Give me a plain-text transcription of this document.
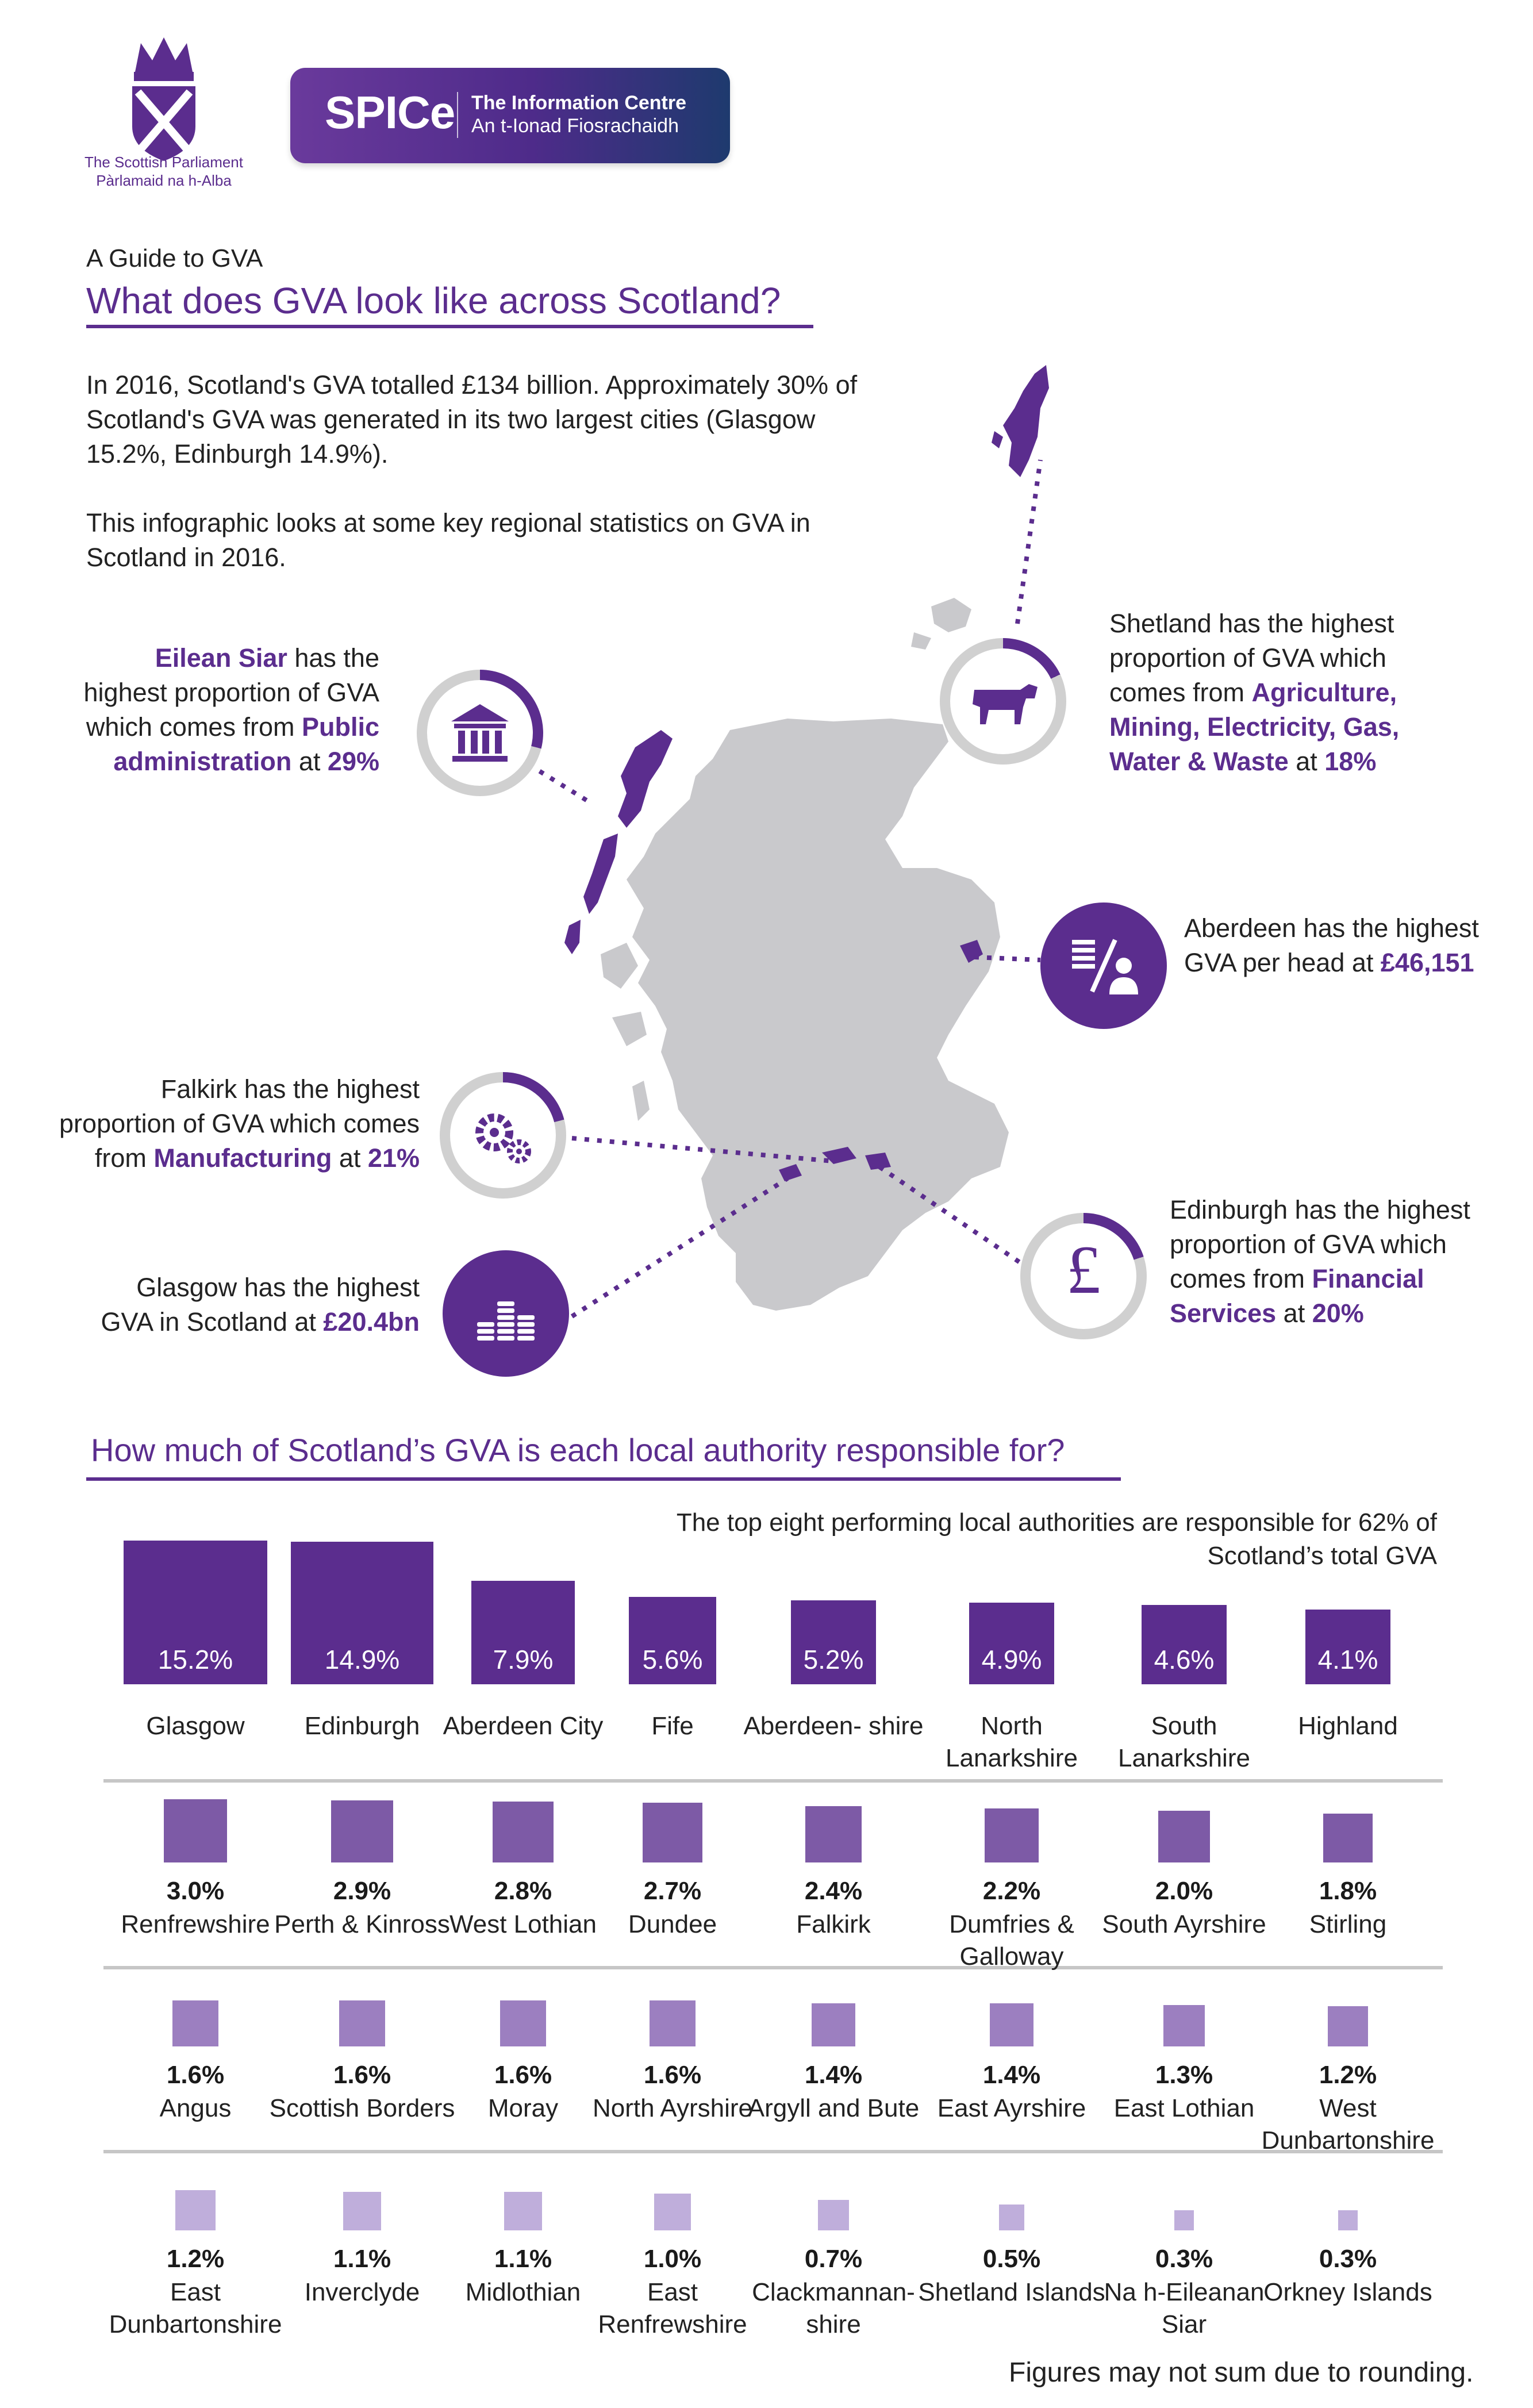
The Scottish Parliament
Pàrlamaid na h-Alba
SPICe The Information Centre
An t-Ionad Fiosrachaidh
A Guide to GVA
What does GVA look like across Scotland?
In 2016, Scotland's GVA totalled £134 billion. Approximately 30% of Scotland's GVA was generated in its two largest cities (Glasgow 15.2%, Edinburgh 14.9%).
This infographic looks at some key regional statistics on GVA in Scotland in 2016.
Eilean Siar has the highest proportion of GVA which comes from Public administration at 29%
Shetland has the highest proportion of GVA which comes from Agriculture, Mining, Electricity, Gas, Water & Waste at 18%
Aberdeen has the highest GVA per head at £46,151
Falkirk has the highest proportion of GVA which comes from Manufacturing at 21%
£
Edinburgh has the highest proportion of GVA which comes from Financial Services at 20%
Glasgow has the highest GVA in Scotland at £20.4bn
How much of Scotland’s GVA is each local authority responsible for?
The top eight performing local authorities are responsible for 62% of Scotland’s total GVA
Figures may not sum due to rounding.
15.2%
Glasgow
14.9%
Edinburgh
7.9%
Aberdeen City
5.6%
Fife
5.2%
Aberdeen- shire
4.9%
North Lanarkshire
4.6%
South Lanarkshire
4.1%
Highland
3.0%
Renfrewshire
2.9%
Perth & Kinross
2.8%
West Lothian
2.7%
Dundee
2.4%
Falkirk
2.2%
Dumfries & Galloway
2.0%
South Ayrshire
1.8%
Stirling
1.6%
Angus
1.6%
Scottish Borders
1.6%
Moray
1.6%
North Ayrshire
1.4%
Argyll and Bute
1.4%
East Ayrshire
1.3%
East Lothian
1.2%
West Dunbartonshire
1.2%
East Dunbartonshire
1.1%
Inverclyde
1.1%
Midlothian
1.0%
East Renfrewshire
0.7%
Clackmannan-shire
0.5%
Shetland Islands
0.3%
Na h-Eileanan Siar
0.3%
Orkney Islands
